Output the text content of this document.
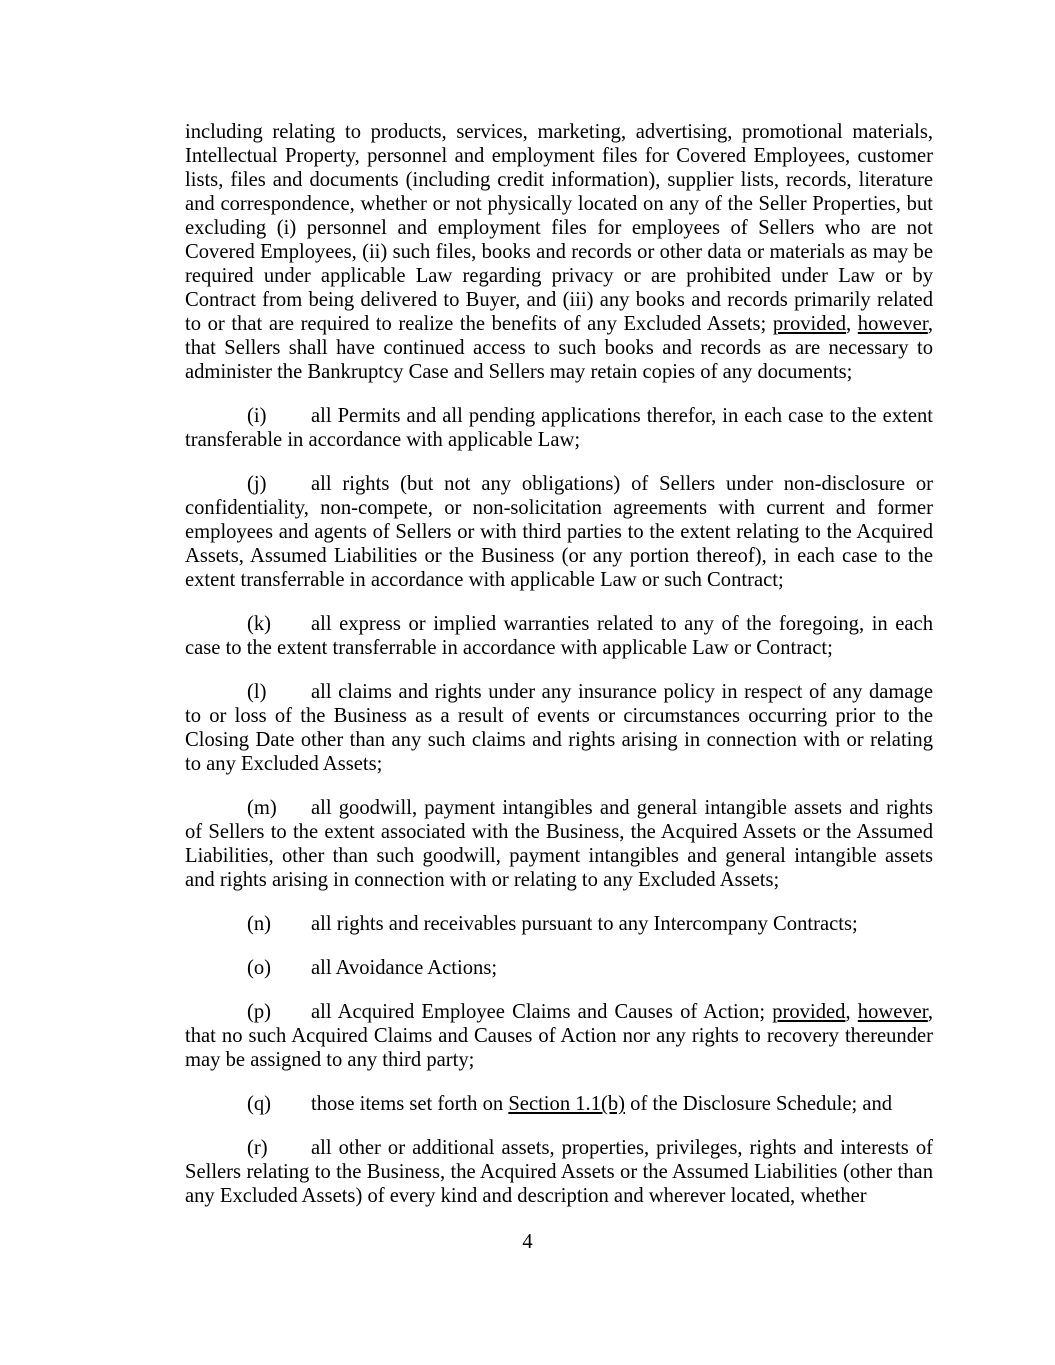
including relating to products, services, marketing, advertising, promotional materials, Intellectual Property, personnel and employment files for Covered Employees, customer lists, files and documents (including credit information), supplier lists, records, literature and correspondence, whether or not physically located on any of the Seller Properties, but excluding (i) personnel and employment files for employees of Sellers who are not Covered Employees, (ii) such files, books and records or other data or materials as may be required under applicable Law regarding privacy or are prohibited under Law or by Contract from being delivered to Buyer, and (iii) any books and records primarily related to or that are required to realize the benefits of any Excluded Assets; provided, however, that Sellers shall have continued access to such books and records as are necessary to administer the Bankruptcy Case and Sellers may retain copies of any documents;

(i) all Permits and all pending applications therefor, in each case to the extent transferable in accordance with applicable Law;

(j) all rights (but not any obligations) of Sellers under non-disclosure or confidentiality, non-compete, or non-solicitation agreements with current and former employees and agents of Sellers or with third parties to the extent relating to the Acquired Assets, Assumed Liabilities or the Business (or any portion thereof), in each case to the extent transferrable in accordance with applicable Law or such Contract;

(k) all express or implied warranties related to any of the foregoing, in each case to the extent transferrable in accordance with applicable Law or Contract;

(l) all claims and rights under any insurance policy in respect of any damage to or loss of the Business as a result of events or circumstances occurring prior to the Closing Date other than any such claims and rights arising in connection with or relating to any Excluded Assets;

(m) all goodwill, payment intangibles and general intangible assets and rights of Sellers to the extent associated with the Business, the Acquired Assets or the Assumed Liabilities, other than such goodwill, payment intangibles and general intangible assets and rights arising in connection with or relating to any Excluded Assets;

(n) all rights and receivables pursuant to any Intercompany Contracts;

(o) all Avoidance Actions;

(p) all Acquired Employee Claims and Causes of Action; provided, however, that no such Acquired Claims and Causes of Action nor any rights to recovery thereunder may be assigned to any third party;

(q) those items set forth on Section 1.1(b) of the Disclosure Schedule; and

(r) all other or additional assets, properties, privileges, rights and interests of Sellers relating to the Business, the Acquired Assets or the Assumed Liabilities (other than any Excluded Assets) of every kind and description and wherever located, whether

4
